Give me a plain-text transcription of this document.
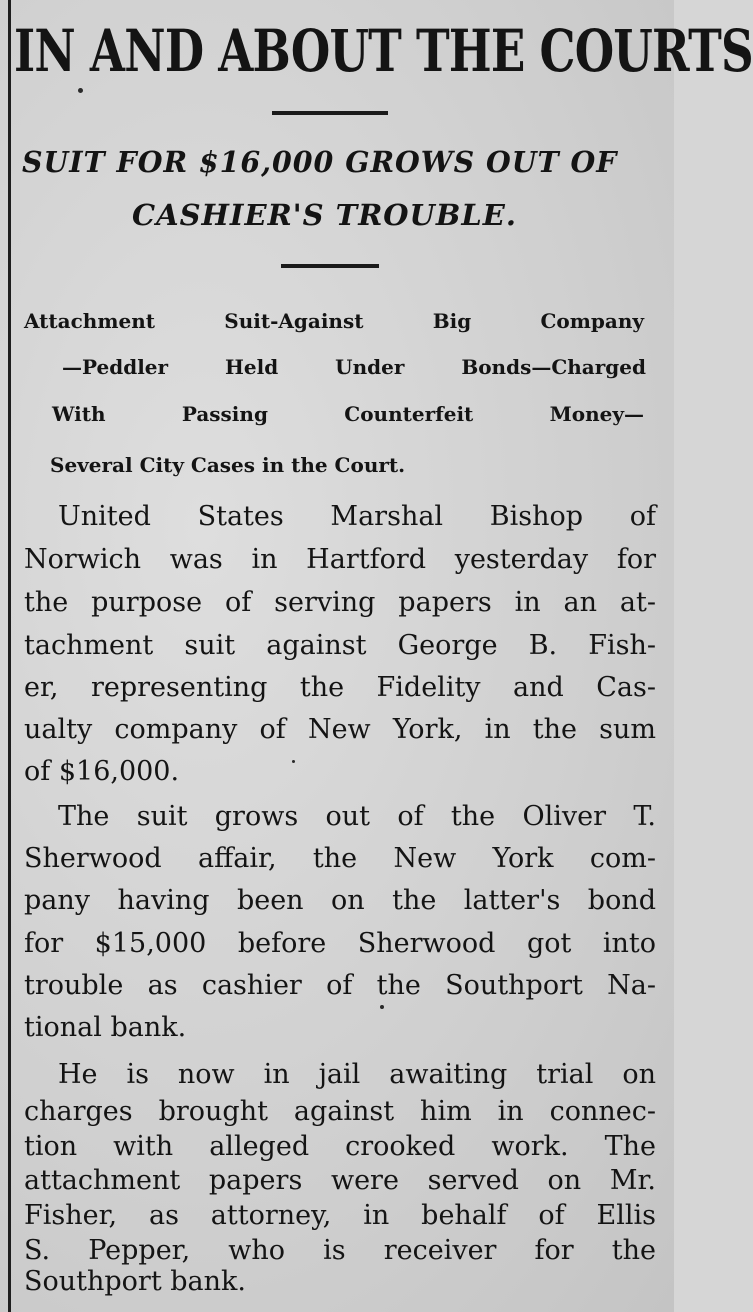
IN AND ABOUT THE COURTS
SUIT FOR $16,000 GROWS OUT OF
CASHIER'S TROUBLE.
Attachment Suit-Against Big Company
—Peddler Held Under Bonds—Charged
With Passing Counterfeit Money—
Several City Cases in the Court.
United States Marshal Bishop of
Norwich was in Hartford yesterday for
the purpose of serving papers in an at-
tachment suit against George B. Fish-
er, representing the Fidelity and Cas-
ualty company of New York, in the sum
of $16,000.
The suit grows out of the Oliver T.
Sherwood affair, the New York com-
pany having been on the latter's bond
for $15,000 before Sherwood got into
trouble as cashier of the Southport Na-
tional bank.
He is now in jail awaiting trial on
charges brought against him in connec-
tion with alleged crooked work. The
attachment papers were served on Mr.
Fisher, as attorney, in behalf of Ellis
S. Pepper, who is receiver for the
Southport bank.
